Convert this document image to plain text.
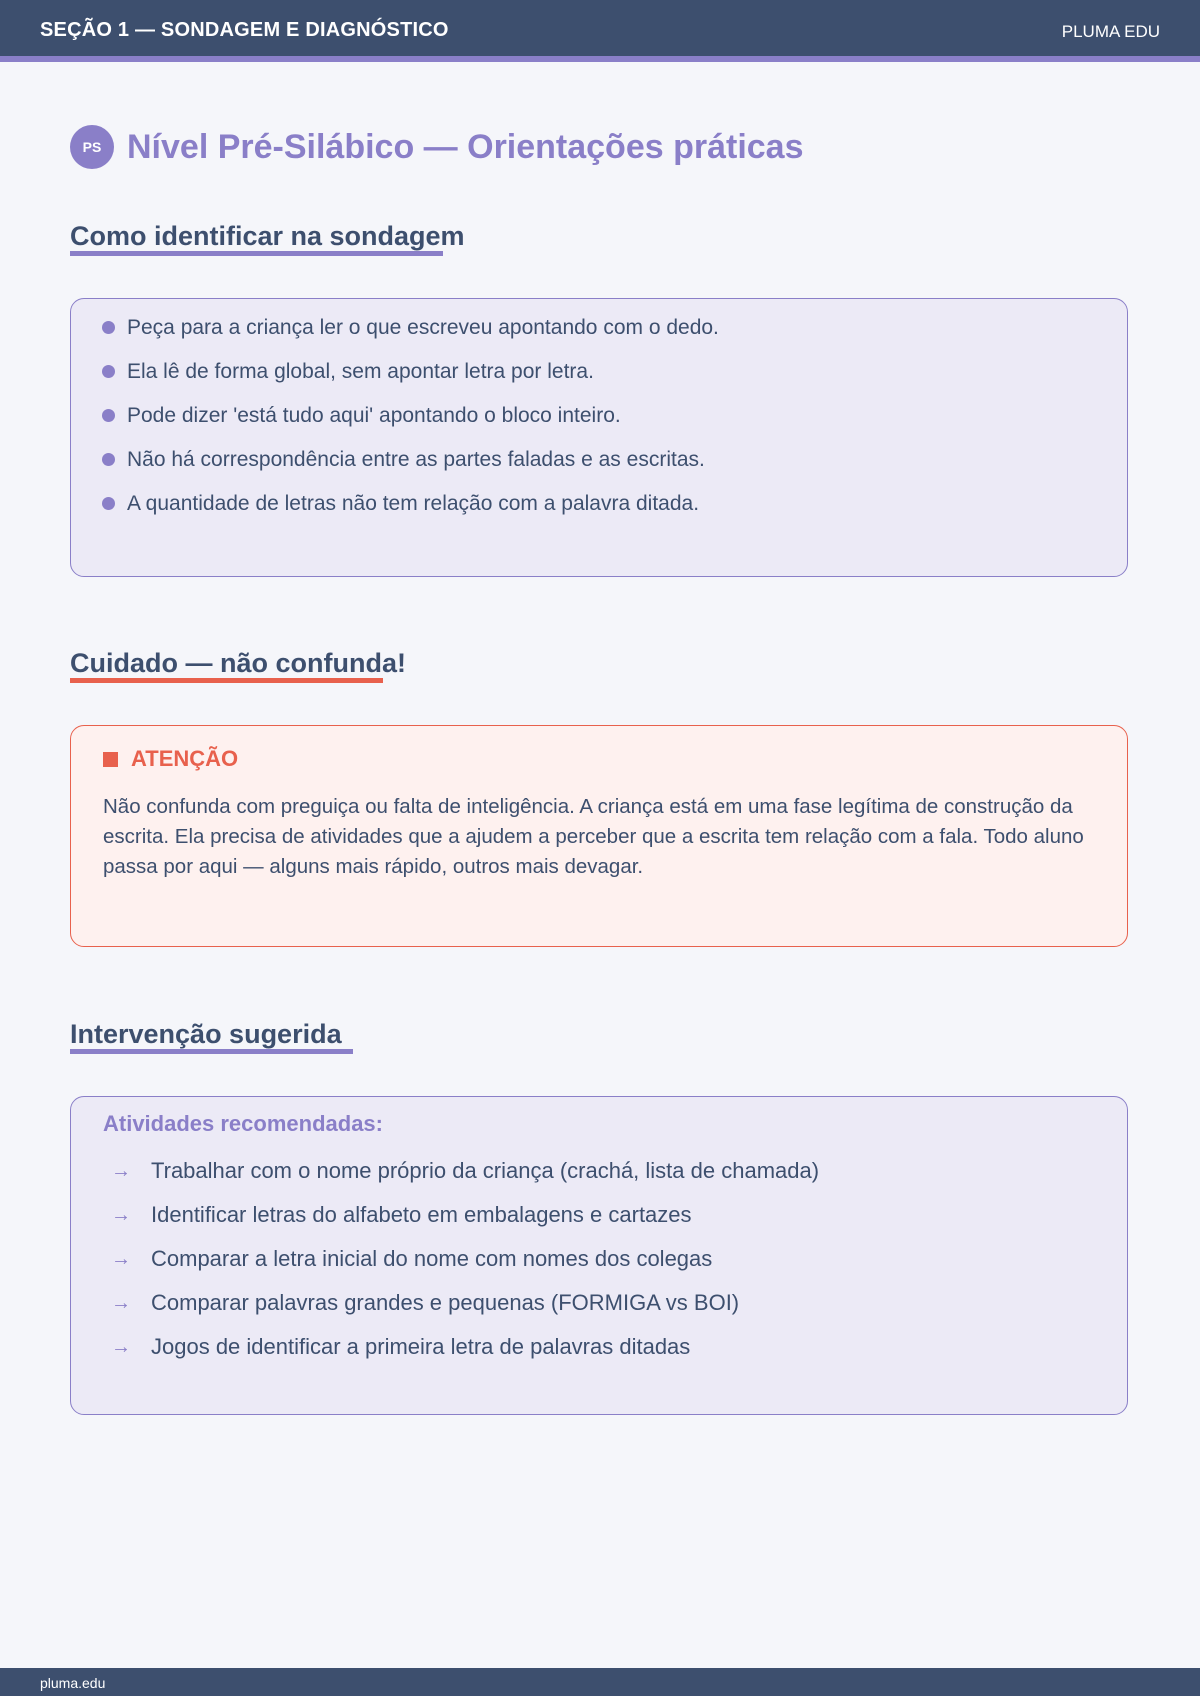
SEÇÃO 1 — SONDAGEM E DIAGNÓSTICO	PLUMA EDU
PS Nível Pré-Silábico — Orientações práticas
Como identificar na sondagem
Peça para a criança ler o que escreveu apontando com o dedo.
Ela lê de forma global, sem apontar letra por letra.
Pode dizer 'está tudo aqui' apontando o bloco inteiro.
Não há correspondência entre as partes faladas e as escritas.
A quantidade de letras não tem relação com a palavra ditada.
Cuidado — não confunda!
ATENÇÃO
Não confunda com preguiça ou falta de inteligência. A criança está em uma fase legítima de construção da escrita. Ela precisa de atividades que a ajudem a perceber que a escrita tem relação com a fala. Todo aluno passa por aqui — alguns mais rápido, outros mais devagar.
Intervenção sugerida
Atividades recomendadas:
→ Trabalhar com o nome próprio da criança (crachá, lista de chamada)
→ Identificar letras do alfabeto em embalagens e cartazes
→ Comparar a letra inicial do nome com nomes dos colegas
→ Comparar palavras grandes e pequenas (FORMIGA vs BOI)
→ Jogos de identificar a primeira letra de palavras ditadas
pluma.edu
